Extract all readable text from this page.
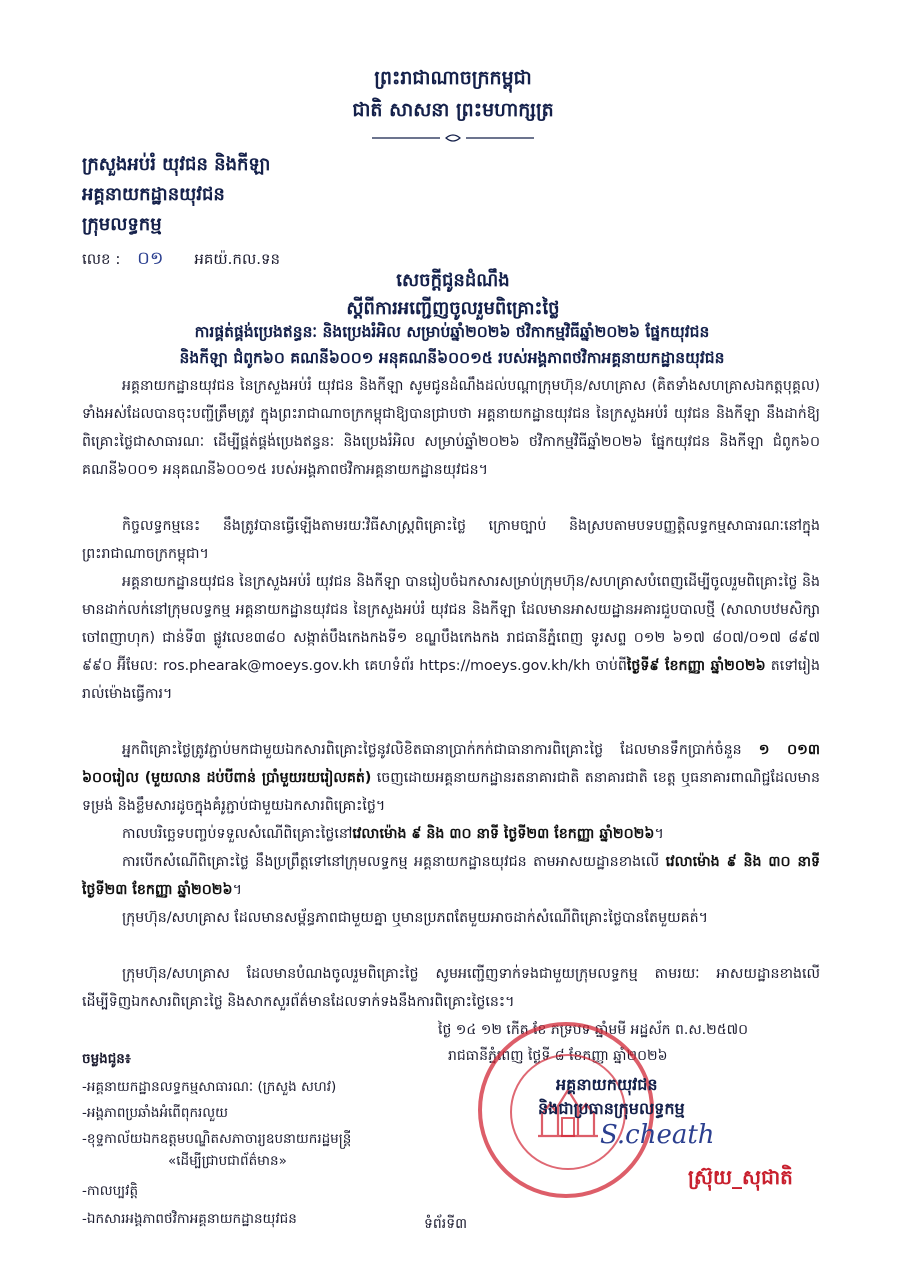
ព្រះរាជាណាចក្រកម្ពុជា
ជាតិ សាសនា ព្រះមហាក្សត្រ
ក្រសួងអប់រំ យុវជន និងកីឡា
អគ្គនាយកដ្ឋានយុវជន
ក្រុមលទ្ធកម្ម
លេខ : ០១ អគយ៉.កល.ទន
សេចក្តីជូនដំណឹង
ស្តីពីការអញ្ជើញចូលរួមពិគ្រោះថ្លៃ
ការផ្គត់ផ្គង់ប្រេងឥន្ធនៈ និងប្រេងរំអិល សម្រាប់ឆ្នាំ២០២៦ ថវិកាកម្មវិធីឆ្នាំ២០២៦ ផ្នែកយុវជន
និងកីឡា ជំពូក៦០ គណនី៦០០១ អនុគណនី៦០០១៥ របស់អង្គភាពថវិកាអគ្គនាយកដ្ឋានយុវជន
អគ្គនាយកដ្ឋានយុវជន នៃក្រសួងអប់រំ យុវជន និងកីឡា សូមជូនដំណឹងដល់បណ្តាក្រុមហ៊ុន/សហគ្រាស (គិតទាំងសហគ្រាសឯកត្តបុគ្គល) ទាំងអស់ដែលបានចុះបញ្ជីត្រឹមត្រូវ ក្នុងព្រះរាជាណាចក្រកម្ពុជាឱ្យបានជ្រាបថា អគ្គនាយកដ្ឋានយុវជន នៃក្រសួងអប់រំ យុវជន និងកីឡា នឹងដាក់ឱ្យពិគ្រោះថ្លៃជាសាធារណៈ ដើម្បីផ្គត់ផ្គង់ប្រេងឥន្ធនៈ និងប្រេងរំអិល សម្រាប់ឆ្នាំ២០២៦ ថវិកាកម្មវិធីឆ្នាំ២០២៦ ផ្នែកយុវជន និងកីឡា ជំពូក៦០ គណនី៦០០១ អនុគណនី៦០០១៥ របស់អង្គភាពថវិកាអគ្គនាយកដ្ឋានយុវជន។
កិច្ចលទ្ធកម្មនេះ នឹងត្រូវបានធ្វើឡើងតាមរយៈវិធីសាស្ត្រពិគ្រោះថ្លៃ ក្រោមច្បាប់ និងស្របតាមបទបញ្ញត្តិលទ្ធកម្មសាធារណៈនៅក្នុងព្រះរាជាណាចក្រកម្ពុជា។
អគ្គនាយកដ្ឋានយុវជន នៃក្រសួងអប់រំ យុវជន និងកីឡា បានរៀបចំឯកសារសម្រាប់ក្រុមហ៊ុន/សហគ្រាសបំពេញដើម្បីចូលរួមពិគ្រោះថ្លៃ និងមានដាក់លក់នៅក្រុមលទ្ធកម្ម អគ្គនាយកដ្ឋានយុវជន នៃក្រសួងអប់រំ យុវជន និងកីឡា ដែលមានអាសយដ្ឋានអគារជួបបាលថ្មី (សាលាបឋមសិក្សាចៅពញាហុក) ជាន់ទី៣ ផ្លូវលេខ៣៨០ សង្កាត់បឹងកេងកងទី១ ខណ្ឌបឹងកេងកង រាជធានីភ្នំពេញ ទូរសព្ទ ០១២ ៦១៧ ៨០៧/០១៧ ៨៩៧ ៩៩០ អ៊ីមែល: ros.phearak@moeys.gov.kh គេហទំព័រ https://moeys.gov.kh/kh ចាប់ពីថ្ងៃទី៩ ខែកញ្ញា ឆ្នាំ២០២៦ តទៅរៀងរាល់ម៉ោងធ្វើការ។
អ្នកពិគ្រោះថ្លៃត្រូវភ្ជាប់មកជាមួយឯកសារពិគ្រោះថ្លៃនូវលិខិតធានាប្រាក់កក់ជាធានាការពិគ្រោះថ្លៃ ដែលមានទឹកប្រាក់ចំនួន ១ ០១៣ ៦០០រៀល (មួយលាន ដប់បីពាន់ ប្រាំមួយរយរៀលគត់) ចេញដោយអគ្គនាយកដ្ឋានរតនាគារជាតិ តនាគារជាតិ ខេត្ត ឬធនាគារពាណិជ្ជដែលមានទម្រង់ និងខ្លឹមសារដូចក្នុងគំរូភ្ជាប់ជាមួយឯកសារពិគ្រោះថ្លៃ។
កាលបរិច្ឆេទបញ្ចប់ទទួលសំណើពិគ្រោះថ្លៃនៅវេលាម៉ោង ៩ និង ៣០ នាទី ថ្ងៃទី២៣ ខែកញ្ញា ឆ្នាំ២០២៦។
ការបើកសំណើពិគ្រោះថ្លៃ នឹងប្រព្រឹត្តទៅនៅក្រុមលទ្ធកម្ម អគ្គនាយកដ្ឋានយុវជន តាមអាសយដ្ឋានខាងលើ វេលាម៉ោង ៩ និង ៣០ នាទី ថ្ងៃទី២៣ ខែកញ្ញា ឆ្នាំ២០២៦។
ក្រុមហ៊ុន/សហគ្រាស ដែលមានសម្ព័ន្ធភាពជាមួយគ្នា ឬមានប្រភពតែមួយអាចដាក់សំណើពិគ្រោះថ្លៃបានតែមួយគត់។
ក្រុមហ៊ុន/សហគ្រាស ដែលមានបំណងចូលរួមពិគ្រោះថ្លៃ សូមអញ្ជើញទាក់ទងជាមួយក្រុមលទ្ធកម្ម តាមរយៈ អាសយដ្ឋានខាងលើ ដើម្បីទិញឯកសារពិគ្រោះថ្លៃ និងសាកសួរព័ត៌មានដែលទាក់ទងនឹងការពិគ្រោះថ្លៃនេះ។
ថ្ងៃ ១៤ ១២ កើត ខែ ភទ្របទ ឆ្នាំមមី អដ្ឋស័ក ព.ស.២៥៧០
រាជធានីភ្នំពេញ ថ្ងៃទី ៨ ខែកញ្ញា ឆ្នាំ២០២៦
អគ្គនាយកយុវជន
និងជាប្រធានក្រុមលទ្ធកម្ម
S.cheath
ស្រ៊ុយ_សុជាតិ
ចម្លងជូន៖
-អគ្គនាយកដ្ឋានលទ្ធកម្មសាធារណៈ (ក្រសួង សហវ)
-អង្គភាពប្រឆាំងអំពើពុករលួយ
-ខុទ្ទកាល័យឯកឧត្តមបណ្ឌិតសភាចារ្យឧបនាយករដ្ឋមន្ត្រី
«ដើម្បីជ្រាបជាព័ត៌មាន»
-កាលប្បវត្តិ
-ឯកសារអង្គភាពថវិកាអគ្គនាយកដ្ឋានយុវជន	ទំព័រទី៣
